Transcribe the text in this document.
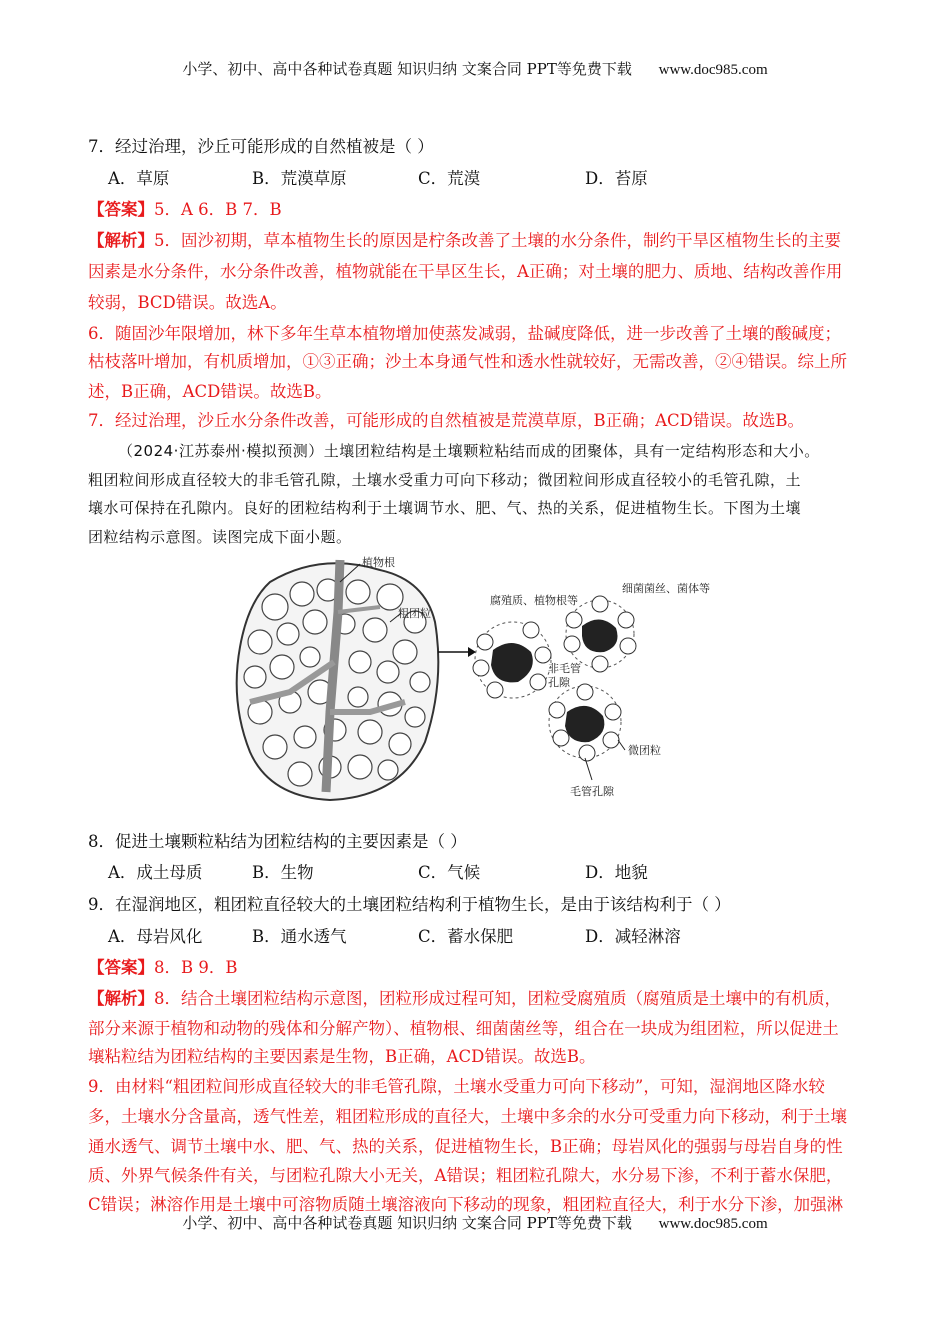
小学、初中、高中各种试卷真题 知识归纳 文案合同 PPT等免费下载 www.doc985.com
7．经过治理，沙丘可能形成的自然植被是（ ）
A．草原	B．荒漠草原	C．荒漠	D．苔原
【答案】5．A 6．B 7．B
【解析】5．固沙初期，草本植物生长的原因是柠条改善了土壤的水分条件，制约干旱区植物生长的主要
因素是水分条件，水分条件改善，植物就能在干旱区生长，A正确；对土壤的肥力、质地、结构改善作用
较弱，BCD错误。故选A。
6．随固沙年限增加，林下多年生草本植物增加使蒸发减弱，盐碱度降低，进一步改善了土壤的酸碱度；
枯枝落叶增加，有机质增加，①③正确；沙土本身通气性和透水性就较好，无需改善，②④错误。综上所
述，B正确，ACD错误。故选B。
7．经过治理，沙丘水分条件改善，可能形成的自然植被是荒漠草原，B正确；ACD错误。故选B。
（2024·江苏泰州·模拟预测）土壤团粒结构是土壤颗粒粘结而成的团聚体，具有一定结构形态和大小。
粗团粒间形成直径较大的非毛管孔隙，土壤水受重力可向下移动；微团粒间形成直径较小的毛管孔隙，土
壤水可保持在孔隙内。良好的团粒结构利于土壤调节水、肥、气、热的关系，促进植物生长。下图为土壤
团粒结构示意图。读图完成下面小题。
植物根
粗团粒
腐殖质、植物根等
细菌菌丝、菌体等
非毛管
孔隙
微团粒
毛管孔隙
8．促进土壤颗粒粘结为团粒结构的主要因素是（ ）
A．成土母质	B．生物	C．气候	D．地貌
9．在湿润地区，粗团粒直径较大的土壤团粒结构利于植物生长，是由于该结构利于（ ）
A．母岩风化	B．通水透气	C．蓄水保肥	D．减轻淋溶
【答案】8．B 9．B
【解析】8．结合土壤团粒结构示意图，团粒形成过程可知，团粒受腐殖质（腐殖质是土壤中的有机质，
部分来源于植物和动物的残体和分解产物）、植物根、细菌菌丝等，组合在一块成为组团粒，所以促进土
壤粘粒结为团粒结构的主要因素是生物，B正确，ACD错误。故选B。
9．由材料“粗团粒间形成直径较大的非毛管孔隙，土壤水受重力可向下移动”，可知，湿润地区降水较
多，土壤水分含量高，透气性差，粗团粒形成的直径大，土壤中多余的水分可受重力向下移动，利于土壤
通水透气、调节土壤中水、肥、气、热的关系，促进植物生长，B正确；母岩风化的强弱与母岩自身的性
质、外界气候条件有关，与团粒孔隙大小无关，A错误；粗团粒孔隙大，水分易下渗，不利于蓄水保肥，
C错误；淋溶作用是土壤中可溶物质随土壤溶液向下移动的现象，粗团粒直径大，利于水分下渗，加强淋
小学、初中、高中各种试卷真题 知识归纳 文案合同 PPT等免费下载 www.doc985.com
